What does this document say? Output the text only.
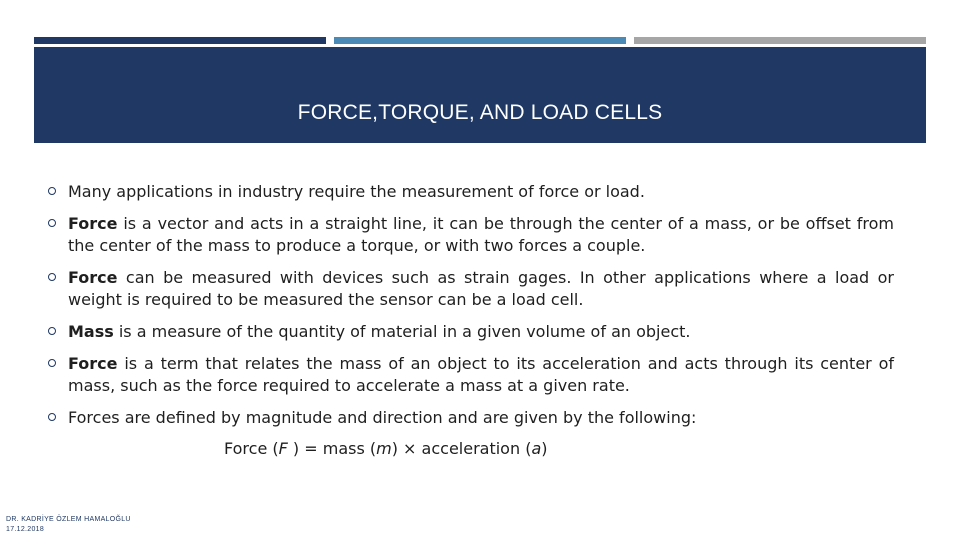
FORCE,TORQUE, AND LOAD CELLS
Many applications in industry require the measurement of force or load.
Force is a vector and acts in a straight line, it can be through the center of a mass, or be offset from the center of the mass to produce a torque, or with two forces a couple.
Force can be measured with devices such as strain gages. In other applications where a load or weight is required to be measured the sensor can be a load cell.
Mass is a measure of the quantity of material in a given volume of an object.
Force is a term that relates the mass of an object to its acceleration and acts through its center of mass, such as the force required to accelerate a mass at a given rate.
Forces are defined by magnitude and direction and are given by the following:
Force (F ) = mass (m) × acceleration (a)
DR. KADRİYE ÖZLEM HAMALOĞLU
17.12.2018
